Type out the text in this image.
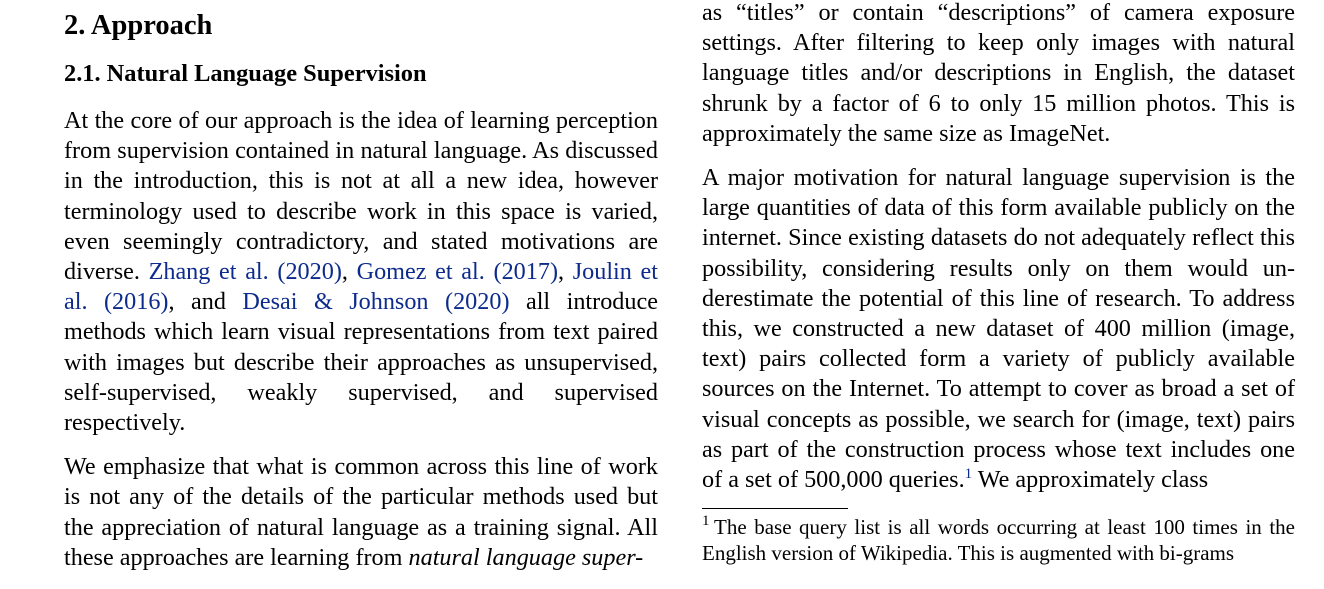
2. Approach
2.1. Natural Language Supervision

At the core of our approach is the idea of learning perception from supervision contained in natural language. As discussed in the introduction, this is not at all a new idea, however terminology used to describe work in this space is varied, even seemingly contradictory, and stated motivations are diverse. Zhang et al. (2020), Gomez et al. (2017), Joulin et al. (2016), and Desai & Johnson (2020) all introduce methods which learn visual representations from text paired with images but describe their approaches as unsupervised, self-supervised, weakly supervised, and supervised respectively.

We emphasize that what is common across this line of work is not any of the details of the particular methods used but the appreciation of natural language as a training signal. All these approaches are learning from natural language super-

as “titles” or contain “descriptions” of camera exposure settings. After filtering to keep only images with natural language titles and/or descriptions in English, the dataset shrunk by a factor of 6 to only 15 million photos. This is approximately the same size as ImageNet.

A major motivation for natural language supervision is the large quantities of data of this form available publicly on the internet. Since existing datasets do not adequately reflect this possibility, considering results only on them would underestimate the potential of this line of research. To address this, we constructed a new dataset of 400 million (image, text) pairs collected form a variety of publicly available sources on the Internet. To attempt to cover as broad a set of visual concepts as possible, we search for (image, text) pairs as part of the construction process whose text includes one of a set of 500,000 queries.$^1$ We approximately class

$^1$ The base query list is all words occurring at least 100 times in the English version of Wikipedia. This is augmented with bi-grams
